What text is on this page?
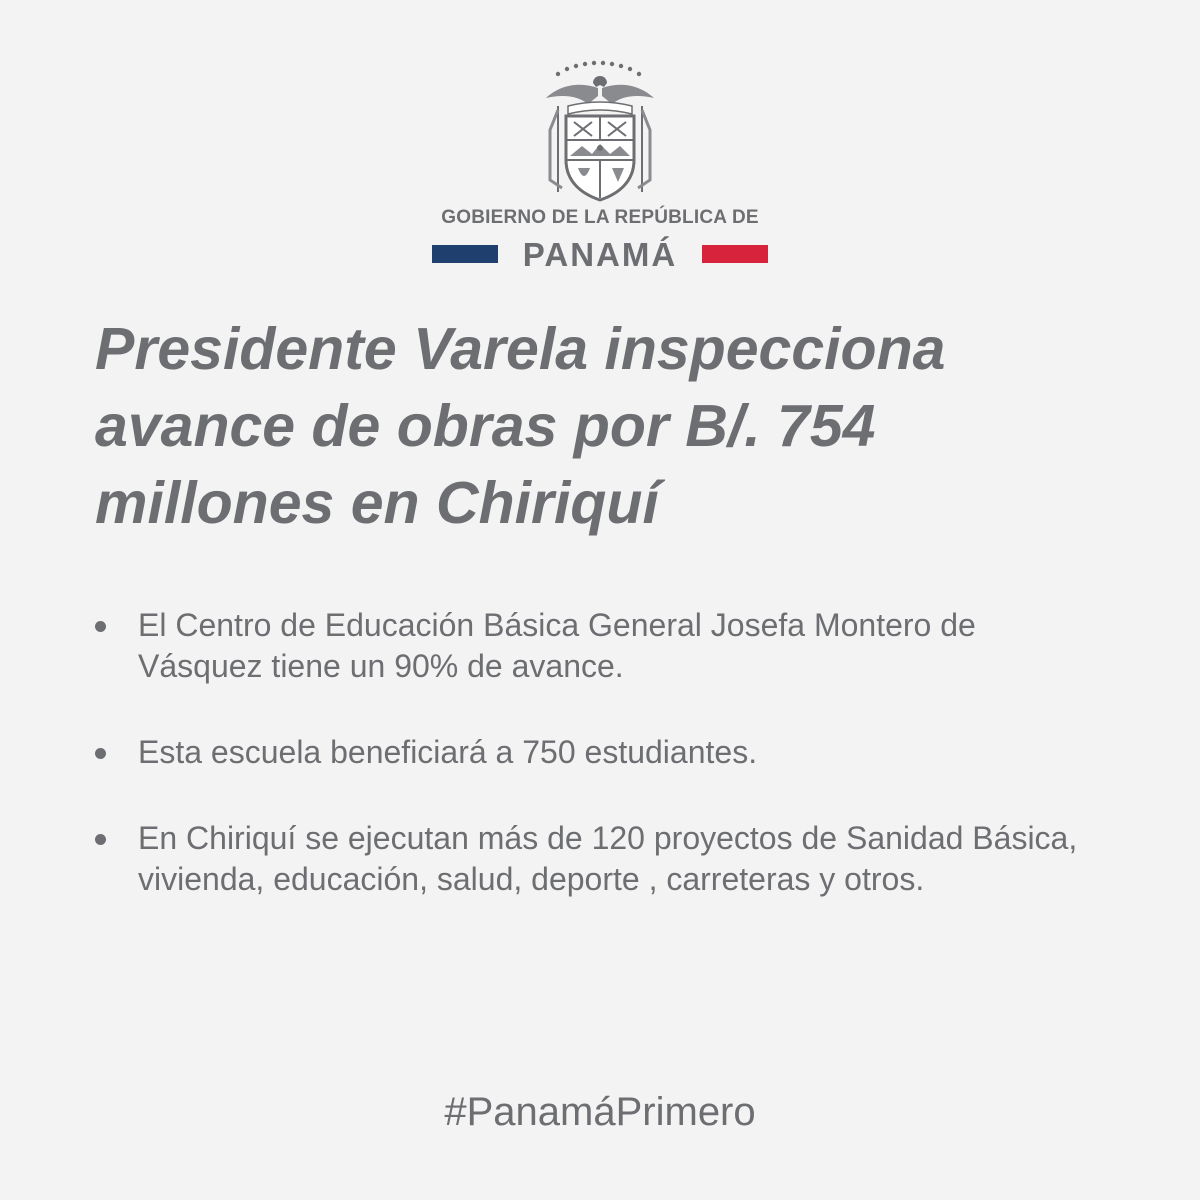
GOBIERNO DE LA REPÚBLICA DE
PANAMÁ
Presidente Varela inspecciona avance de obras por B/. 754 millones en Chiriquí
El Centro de Educación Básica General Josefa Montero de Vásquez tiene un 90% de avance.
Esta escuela beneficiará a 750 estudiantes.
En Chiriquí se ejecutan más de 120 proyectos de Sanidad Básica, vivienda, educación, salud, deporte , carreteras y otros.
#PanamáPrimero
